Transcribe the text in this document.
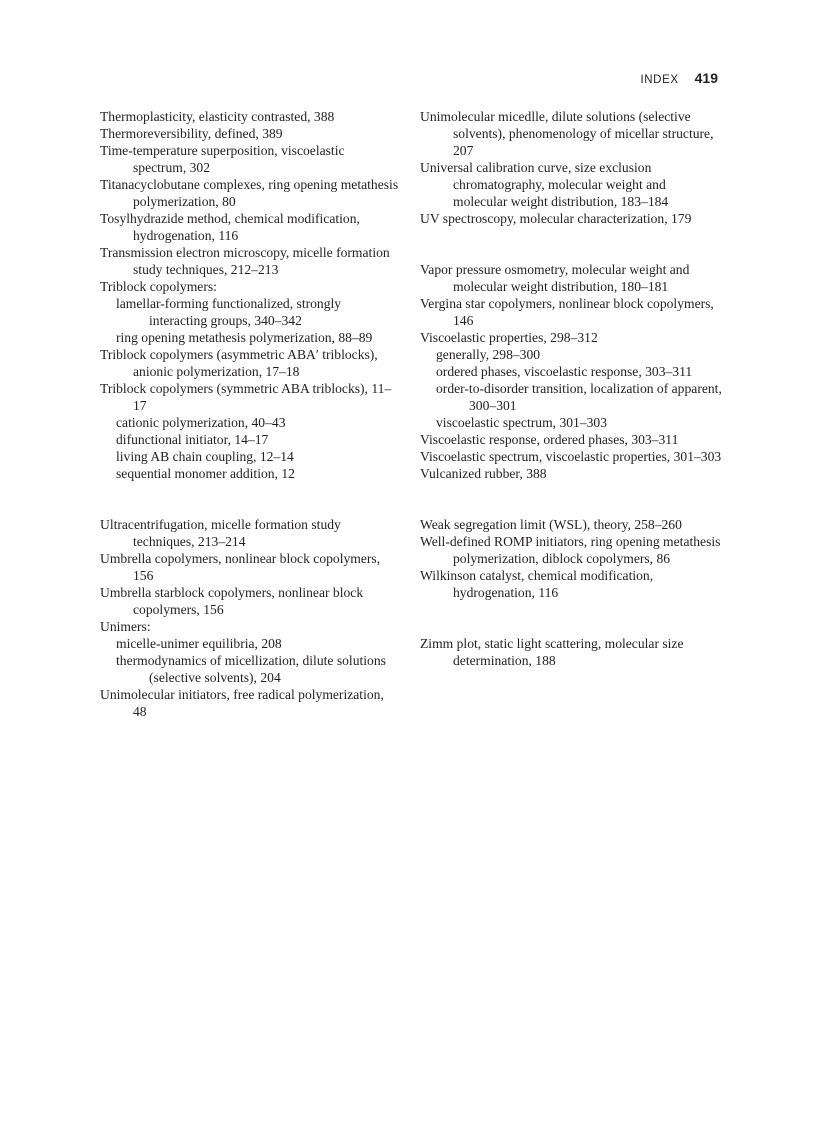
INDEX 419
Thermoplasticity, elasticity contrasted, 388
Thermoreversibility, defined, 389
Time-temperature superposition, viscoelastic spectrum, 302
Titanacyclobutane complexes, ring opening metathesis polymerization, 80
Tosylhydrazide method, chemical modification, hydrogenation, 116
Transmission electron microscopy, micelle formation study techniques, 212–213
Triblock copolymers:
lamellar-forming functionalized, strongly interacting groups, 340–342
ring opening metathesis polymerization, 88–89
Triblock copolymers (asymmetric ABA′ triblocks), anionic polymerization, 17–18
Triblock copolymers (symmetric ABA triblocks), 11–17
cationic polymerization, 40–43
difunctional initiator, 14–17
living AB chain coupling, 12–14
sequential monomer addition, 12
Ultracentrifugation, micelle formation study techniques, 213–214
Umbrella copolymers, nonlinear block copolymers, 156
Umbrella starblock copolymers, nonlinear block copolymers, 156
Unimers:
micelle-unimer equilibria, 208
thermodynamics of micellization, dilute solutions (selective solvents), 204
Unimolecular initiators, free radical polymerization, 48
Unimolecular micedlle, dilute solutions (selective solvents), phenomenology of micellar structure, 207
Universal calibration curve, size exclusion chromatography, molecular weight and molecular weight distribution, 183–184
UV spectroscopy, molecular characterization, 179
Vapor pressure osmometry, molecular weight and molecular weight distribution, 180–181
Vergina star copolymers, nonlinear block copolymers, 146
Viscoelastic properties, 298–312
generally, 298–300
ordered phases, viscoelastic response, 303–311
order-to-disorder transition, localization of apparent, 300–301
viscoelastic spectrum, 301–303
Viscoelastic response, ordered phases, 303–311
Viscoelastic spectrum, viscoelastic properties, 301–303
Vulcanized rubber, 388
Weak segregation limit (WSL), theory, 258–260
Well-defined ROMP initiators, ring opening metathesis polymerization, diblock copolymers, 86
Wilkinson catalyst, chemical modification, hydrogenation, 116
Zimm plot, static light scattering, molecular size determination, 188
